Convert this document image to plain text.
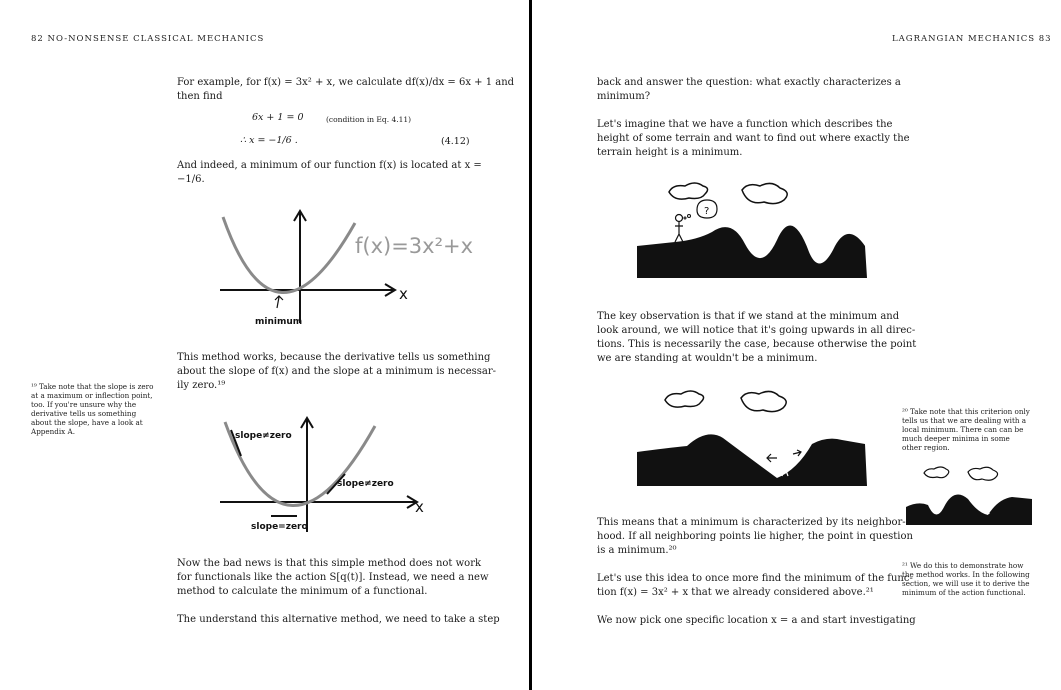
82 NO-NONSENSE CLASSICAL MECHANICS

For example, for f(x) = 3x² + x, we calculate df(x)/dx = 6x + 1 and

then find

6x + 1 = 0	(condition in Eq. 4.11)
∴ x = −1/6 .	(4.12)

And indeed, a minimum of our function f(x) is located at x =

−1/6.

minimum
f(x)=3x²+x
x

This method works, because the derivative tells us something

about the slope of f(x) and the slope at a minimum is necessar-

ily zero.¹⁹

¹⁹ Take note that the slope is zero at a maximum or inflection point, too. If you're unsure why the derivative tells us something about the slope, have a look at Appendix A.	slope≠zero
slope≠zero
slope=zero
x

Now the bad news is that this simple method does not work

for functionals like the action S[q(t)]. Instead, we need a new

method to calculate the minimum of a functional.

The understand this alternative method, we need to take a step

LAGRANGIAN MECHANICS 83

back and answer the question: what exactly characterizes a

minimum?

Let's imagine that we have a function which describes the

height of some terrain and want to find out where exactly the

terrain height is a minimum.

?

The key observation is that if we stand at the minimum and

look around, we will notice that it's going upwards in all direc-

tions. This is necessarily the case, because otherwise the point

we are standing at wouldn't be a minimum.

This means that a minimum is characterized by its neighbor-

hood. If all neighboring points lie higher, the point in question

is a minimum.²⁰

Let's use this idea to once more find the minimum of the func-

tion f(x) = 3x² + x that we already considered above.²¹

We now pick one specific location x = a and start investigating

²⁰ Take note that this criterion only tells us that we are dealing with a local minimum. There can can be much deeper minima in some other region.
²¹ We do this to demonstrate how the method works. In the following section, we will use it to derive the minimum of the action functional.
